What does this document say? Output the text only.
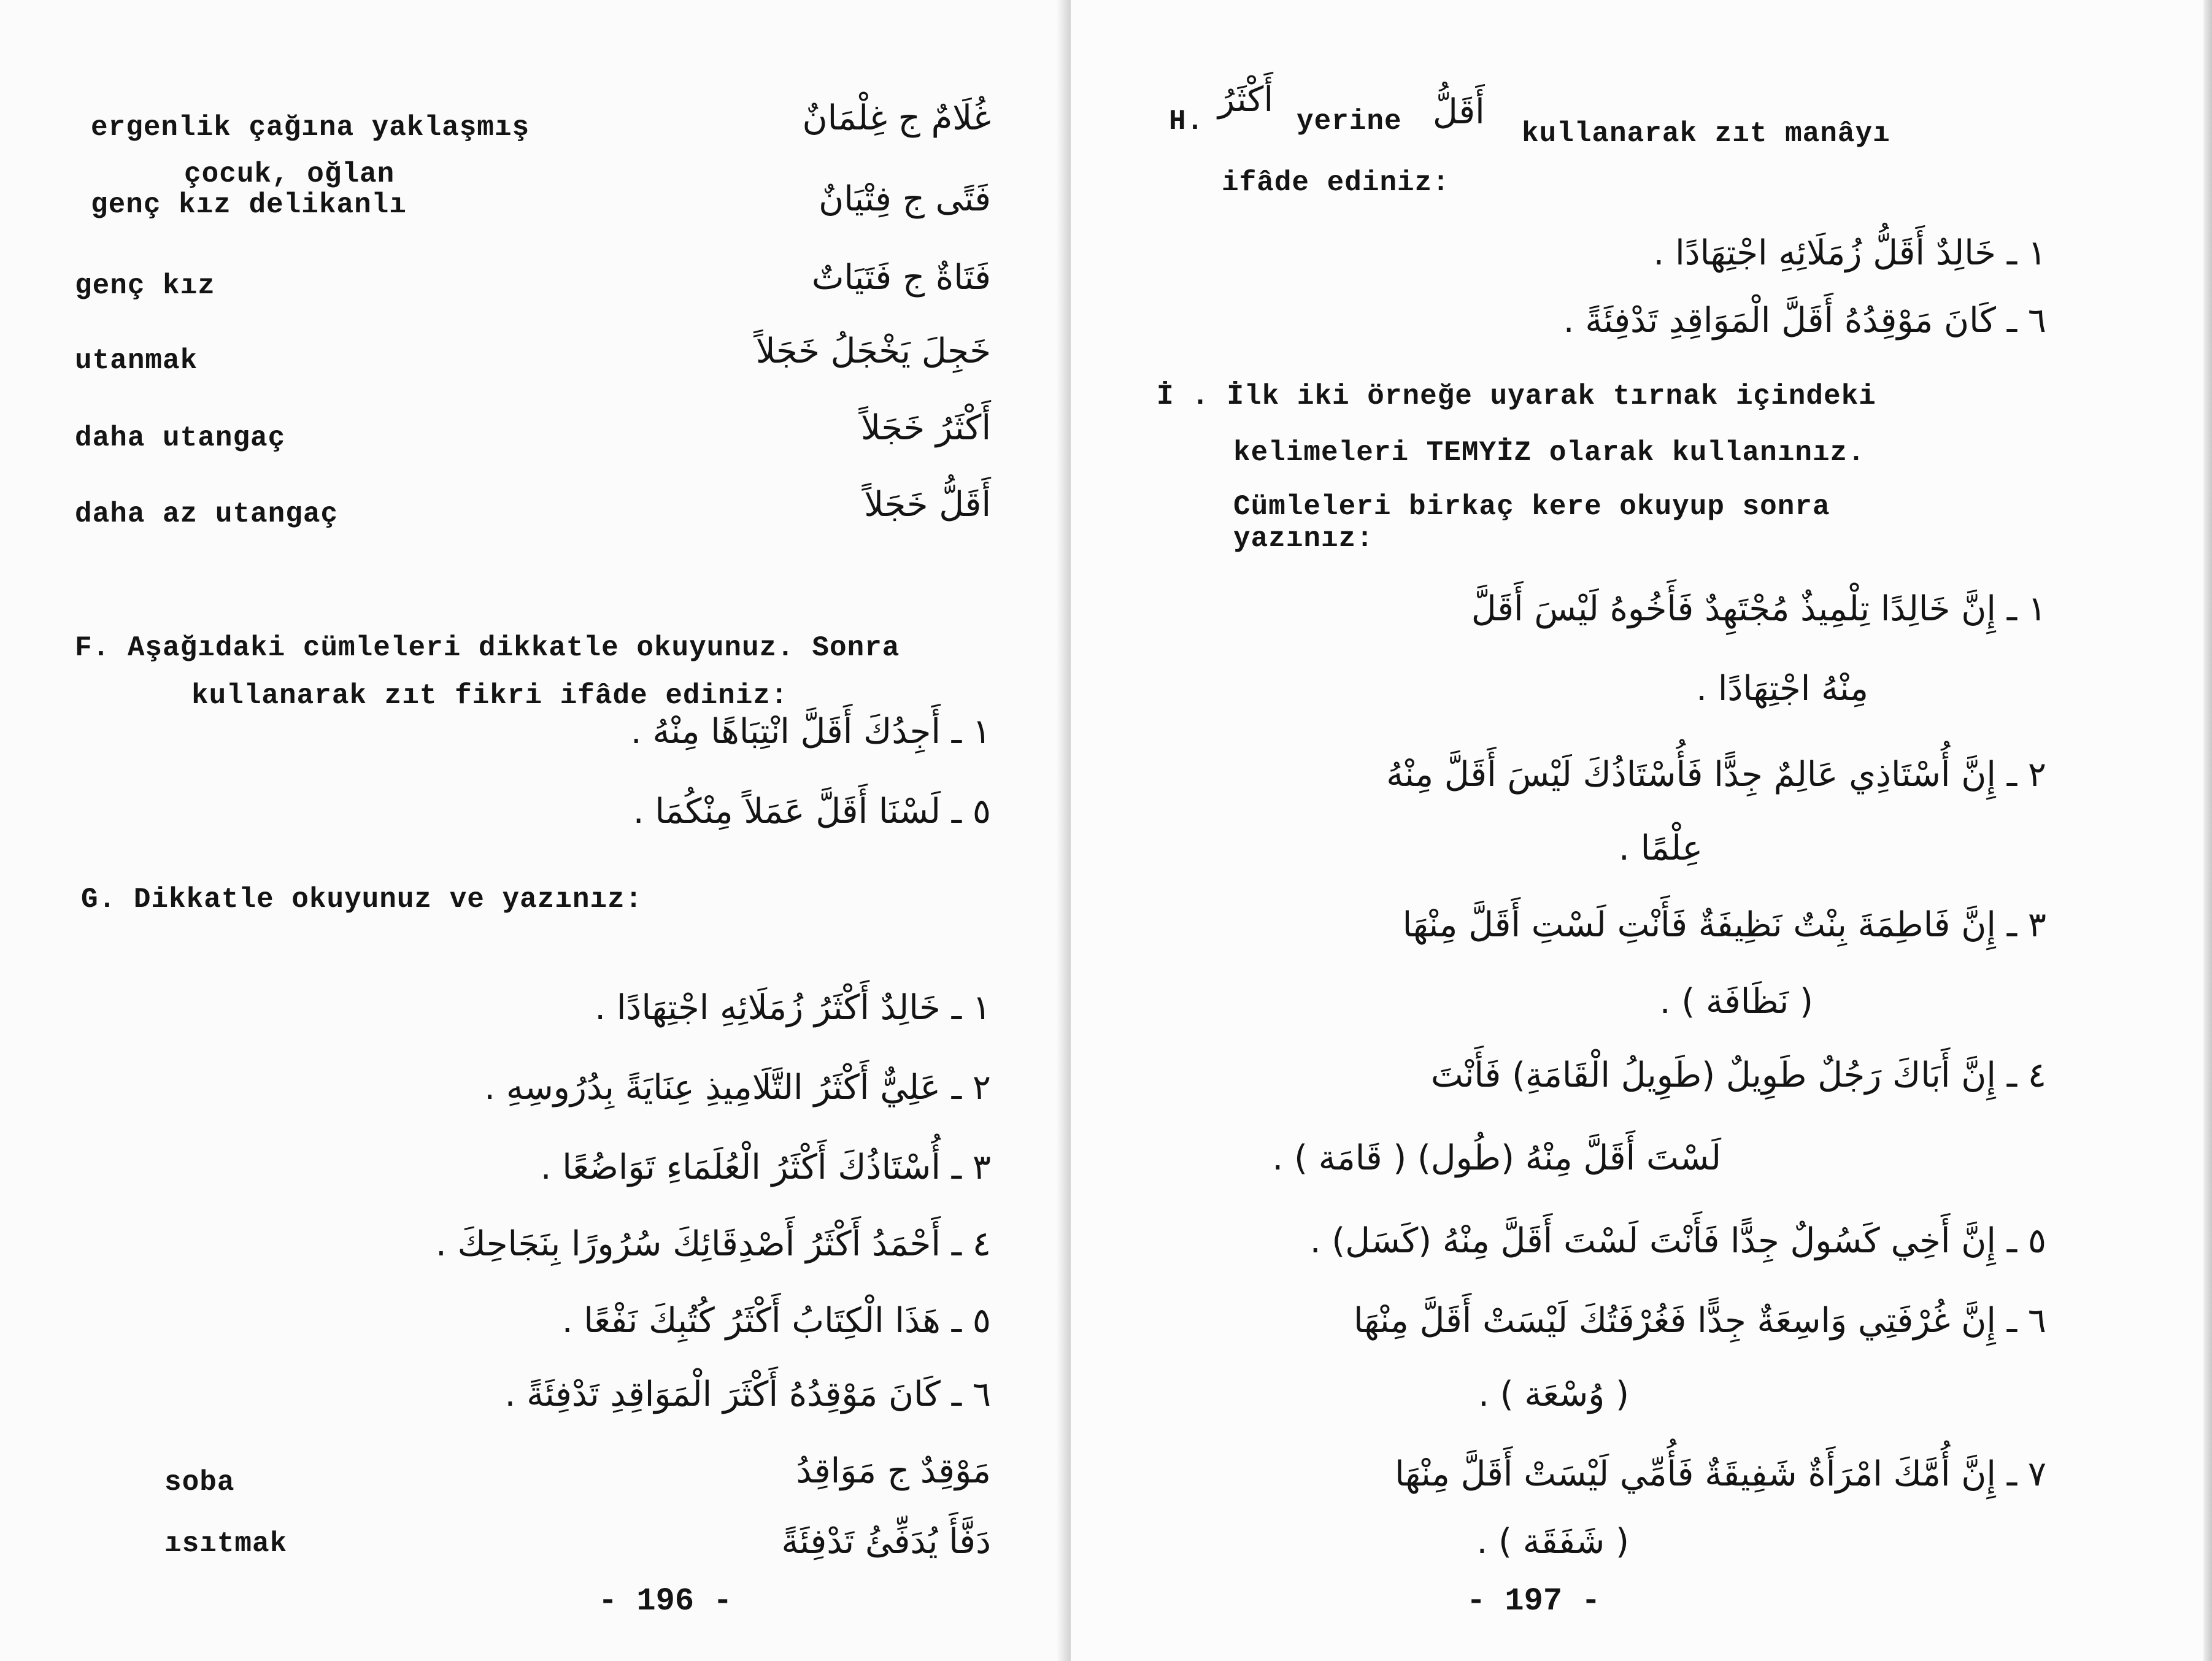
ergenlik çağına yaklaşmış	غُلَامٌ ج غِلْمَانٌ
çocuk, oğlan
genç kız delikanlı	فَتًى ج فِتْيَانٌ
genç kız	فَتَاةٌ ج فَتَيَاتٌ
utanmak	خَجِلَ يَخْجَلُ خَجَلاً
daha utangaç	أَكْثَرُ خَجَلاً
daha az utangaç	أَقَلُّ خَجَلاً
F. Aşağıdaki cümleleri dikkatle okuyunuz. Sonra
kullanarak zıt fikri ifâde ediniz:
١ ـ أَجِدُكَ أَقَلَّ انْتِبَاهًا مِنْهُ .
٥ ـ لَسْنَا أَقَلَّ عَمَلاً مِنْكُمَا .
G. Dikkatle okuyunuz ve yazınız:
١ ـ خَالِدٌ أَكْثَرُ زُمَلَائِهِ اجْتِهَادًا .
٢ ـ عَلِيٌّ أَكْثَرُ التَّلَامِيذِ عِنَايَةً بِدُرُوسِهِ .
٣ ـ أُسْتَاذُكَ أَكْثَرُ الْعُلَمَاءِ تَوَاضُعًا .
٤ ـ أَحْمَدُ أَكْثَرُ أَصْدِقَائِكَ سُرُورًا بِنَجَاحِكَ .
٥ ـ هَذَا الْكِتَابُ أَكْثَرُ كُتُبِكَ نَفْعًا .
٦ ـ كَانَ مَوْقِدُهُ أَكْثَرَ الْمَوَاقِدِ تَدْفِئَةً .
soba	مَوْقِدٌ ج مَوَاقِدُ
ısıtmak	دَفَّأَ يُدَفِّئُ تَدْفِئَةً
- 196 -
H.
أَكْثَرُ
yerine أَقَلُّ
kullanarak zıt manâyı
ifâde ediniz:
١ ـ خَالِدٌ أَقَلُّ زُمَلَائِهِ اجْتِهَادًا .
٦ ـ كَانَ مَوْقِدُهُ أَقَلَّ الْمَوَاقِدِ تَدْفِئَةً .
İ . İlk iki örneğe uyarak tırnak içindeki
kelimeleri TEMYİZ olarak kullanınız.
Cümleleri birkaç kere okuyup sonra
yazınız:
١ ـ إِنَّ خَالِدًا تِلْمِيذٌ مُجْتَهِدٌ فَأَخُوهُ لَيْسَ أَقَلَّ
مِنْهُ اجْتِهَادًا .
٢ ـ إِنَّ أُسْتَاذِي عَالِمٌ جِدًّا فَأُسْتَاذُكَ لَيْسَ أَقَلَّ مِنْهُ
عِلْمًا .
٣ ـ إِنَّ فَاطِمَةَ بِنْتٌ نَظِيفَةٌ فَأَنْتِ لَسْتِ أَقَلَّ مِنْهَا
( نَظَافَة ) .
٤ ـ إِنَّ أَبَاكَ رَجُلٌ طَوِيلٌ (طَوِيلُ الْقَامَةِ) فَأَنْتَ
لَسْتَ أَقَلَّ مِنْهُ (طُول) ( قَامَة ) .
٥ ـ إِنَّ أَخِي كَسُولٌ جِدًّا فَأَنْتَ لَسْتَ أَقَلَّ مِنْهُ (كَسَل) .
٦ ـ إِنَّ غُرْفَتِي وَاسِعَةٌ جِدًّا فَغُرْفَتُكَ لَيْسَتْ أَقَلَّ مِنْهَا
( وُسْعَة ) .
٧ ـ إِنَّ أُمَّكَ امْرَأَةٌ شَفِيقَةٌ فَأُمِّي لَيْسَتْ أَقَلَّ مِنْهَا
( شَفَقَة ) .
- 197 -
